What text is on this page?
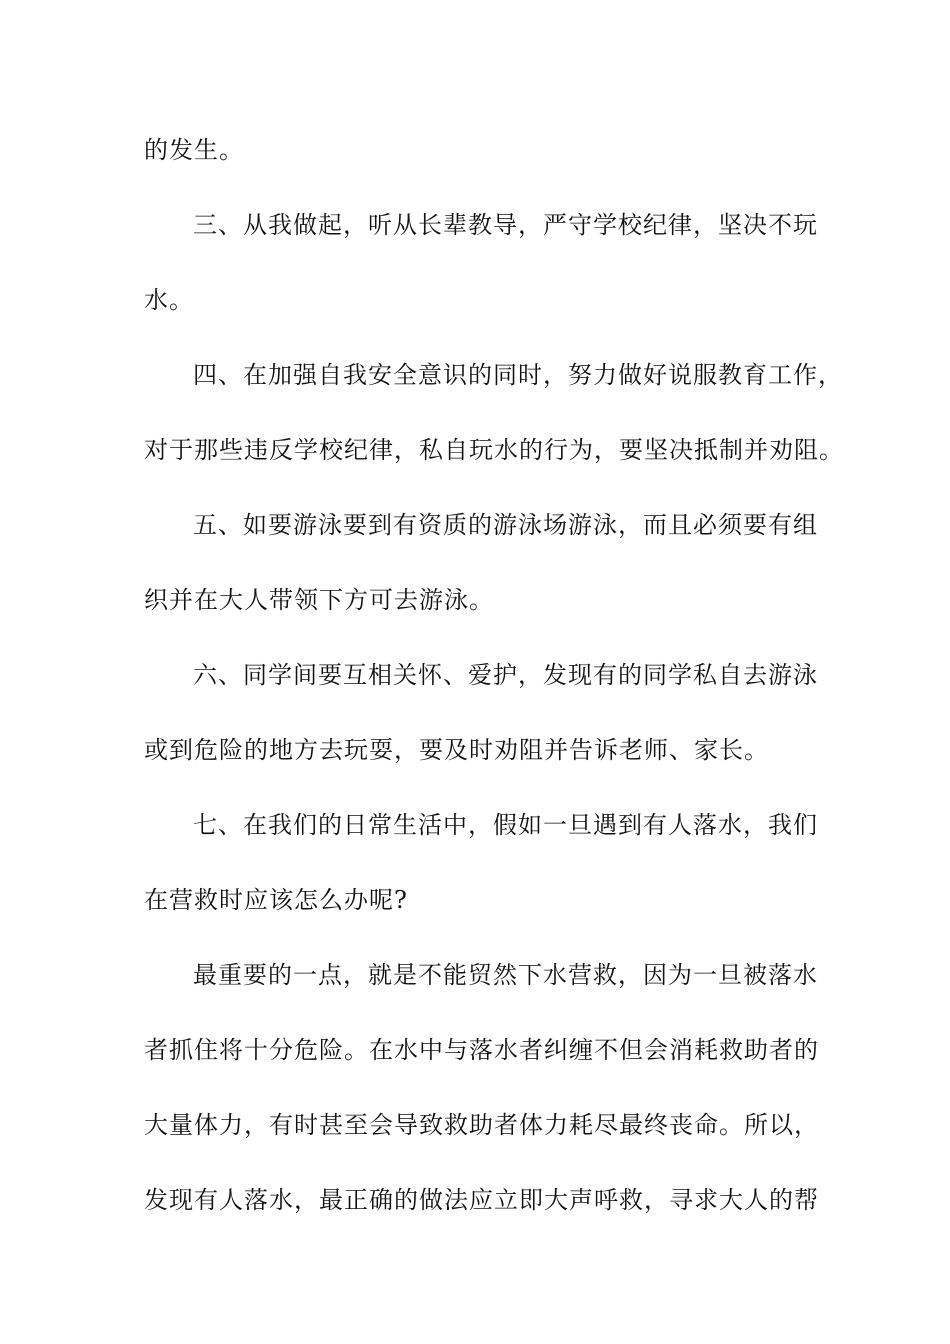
的发生。

三、从我做起，听从长辈教导，严守学校纪律，坚决不玩

水。

四、在加强自我安全意识的同时，努力做好说服教育工作，

对于那些违反学校纪律，私自玩水的行为，要坚决抵制并劝阻。

五、如要游泳要到有资质的游泳场游泳，而且必须要有组

织并在大人带领下方可去游泳。

六、同学间要互相关怀、爱护，发现有的同学私自去游泳

或到危险的地方去玩耍，要及时劝阻并告诉老师、家长。

七、在我们的日常生活中，假如一旦遇到有人落水，我们

在营救时应该怎么办呢?

最重要的一点，就是不能贸然下水营救，因为一旦被落水

者抓住将十分危险。在水中与落水者纠缠不但会消耗救助者的

大量体力，有时甚至会导致救助者体力耗尽最终丧命。所以，

发现有人落水，最正确的做法应立即大声呼救，寻求大人的帮
